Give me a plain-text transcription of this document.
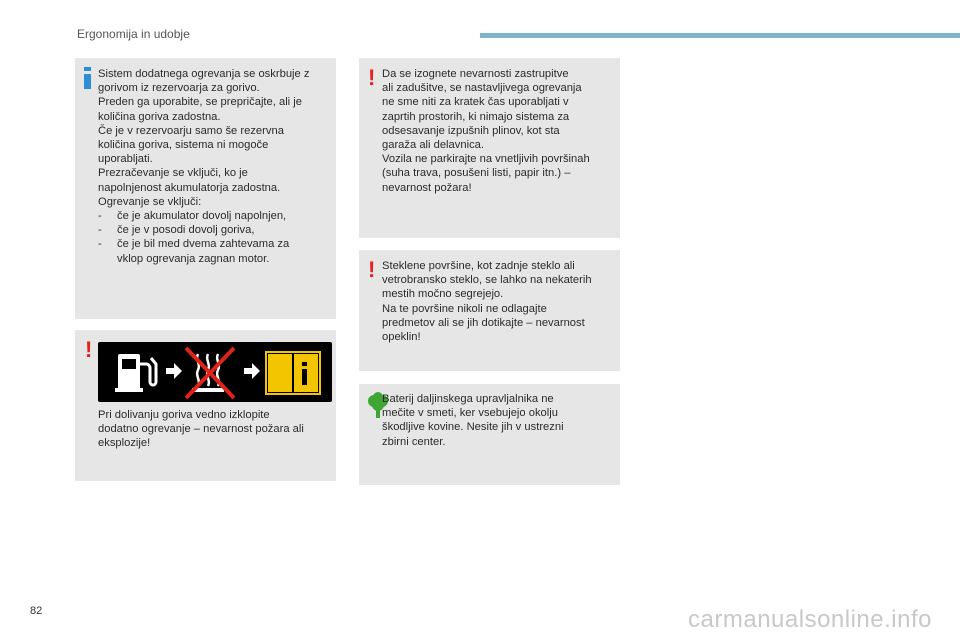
Ergonomija in udobje
Sistem dodatnega ogrevanja se oskrbuje z
gorivom iz rezervoarja za gorivo.
Preden ga uporabite, se prepričajte, ali je
količina goriva zadostna.
Če je v rezervoarju samo še rezervna
količina goriva, sistema ni mogoče
uporabljati.
Prezračevanje se vključi, ko je
napolnjenost akumulatorja zadostna.
Ogrevanje se vključi:
- če je akumulator dovolj napolnjen,
- če je v posodi dovolj goriva,
- če je bil med dvema zahtevama za
vklop ogrevanja zagnan motor.
!
Pri dolivanju goriva vedno izklopite
dodatno ogrevanje – nevarnost požara ali
eksplozije!
! Da se izognete nevarnosti zastrupitve
ali zadušitve, se nastavljivega ogrevanja
ne sme niti za kratek čas uporabljati v
zaprtih prostorih, ki nimajo sistema za
odsesavanje izpušnih plinov, kot sta
garaža ali delavnica.
Vozila ne parkirajte na vnetljivih površinah
(suha trava, posušeni listi, papir itn.) –
nevarnost požara!
! Steklene površine, kot zadnje steklo ali
vetrobransko steklo, se lahko na nekaterih
mestih močno segrejejo.
Na te površine nikoli ne odlagajte
predmetov ali se jih dotikajte – nevarnost
opeklin!
Baterij daljinskega upravljalnika ne
mečite v smeti, ker vsebujejo okolju
škodljive kovine. Nesite jih v ustrezni
zbirni center.
82	carmanualsonline.info
